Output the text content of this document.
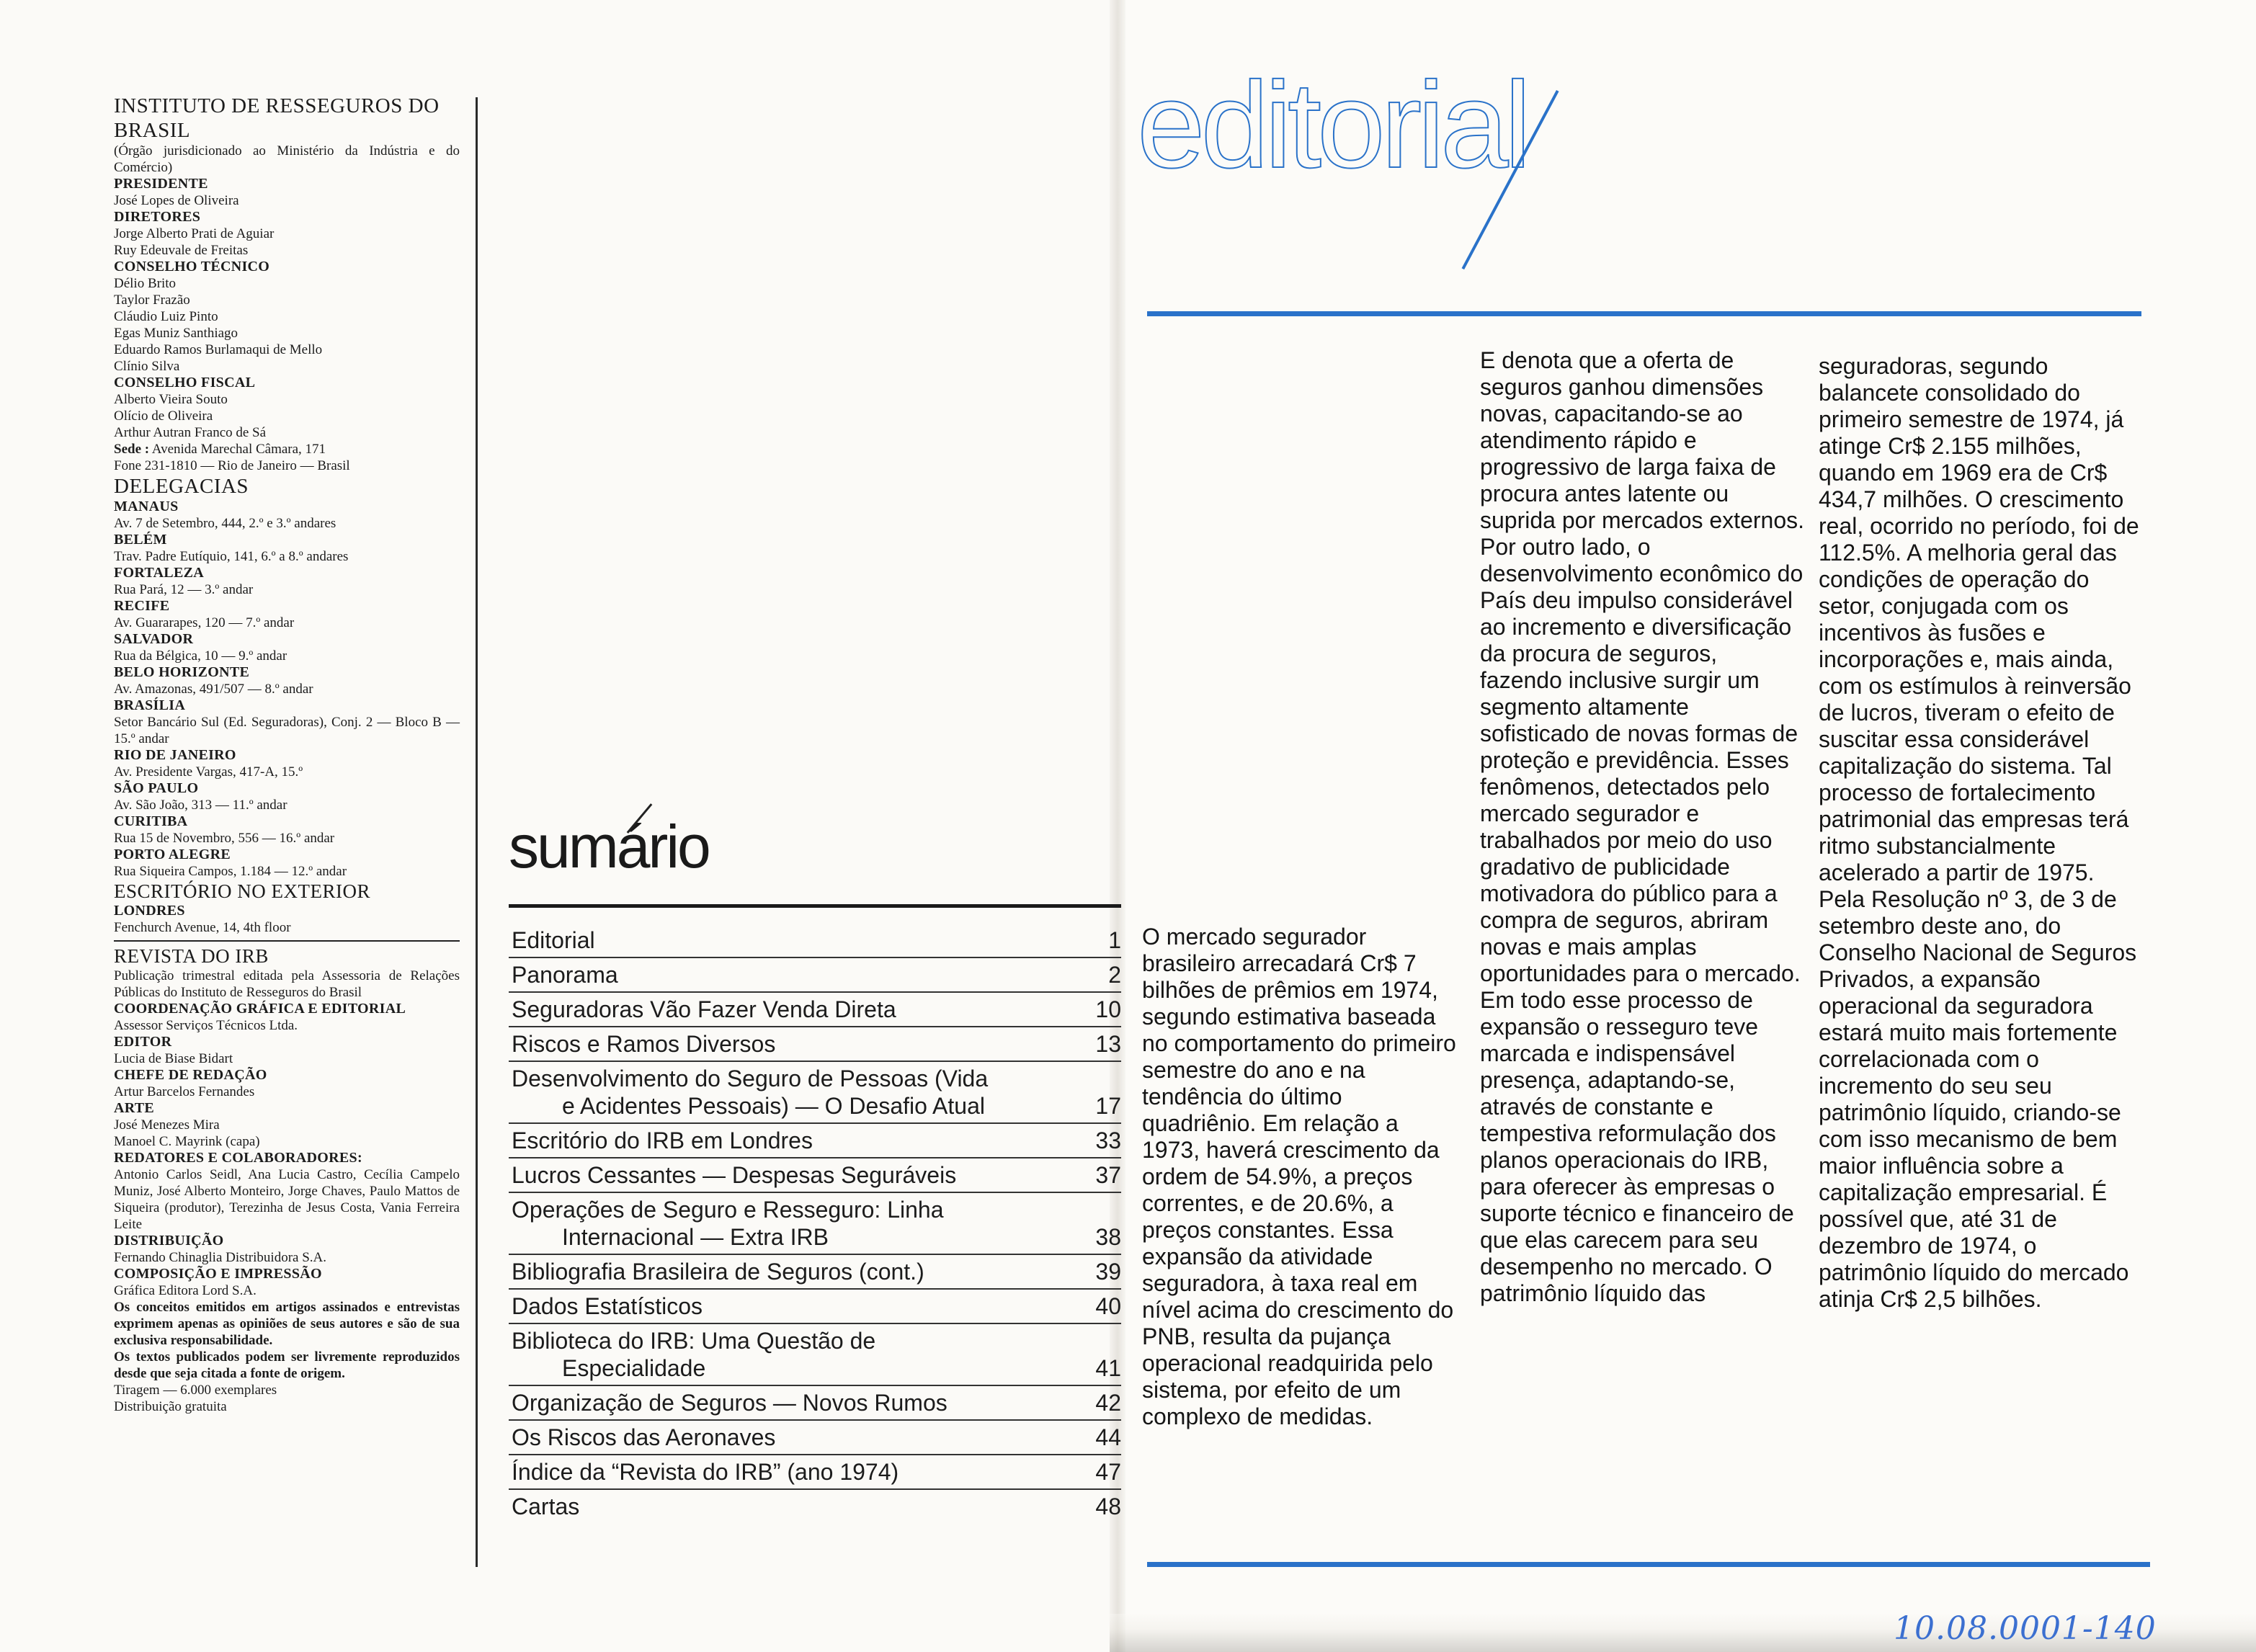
INSTITUTO DE RESSEGUROS DO BRASIL
(Órgão jurisdicionado ao Ministério da Indústria e do Comércio)
PRESIDENTE
José Lopes de Oliveira
DIRETORES
Jorge Alberto Prati de Aguiar
Ruy Edeuvale de Freitas
CONSELHO TÉCNICO
Délio Brito
Taylor Frazão
Cláudio Luiz Pinto
Egas Muniz Santhiago
Eduardo Ramos Burlamaqui de Mello
Clínio Silva
CONSELHO FISCAL
Alberto Vieira Souto
Olício de Oliveira
Arthur Autran Franco de Sá
Sede : Avenida Marechal Câmara, 171
Fone 231-1810 — Rio de Janeiro — Brasil
DELEGACIAS
MANAUS
Av. 7 de Setembro, 444, 2.º e 3.º andares
BELÉM
Trav. Padre Eutíquio, 141, 6.º a 8.º andares
FORTALEZA
Rua Pará, 12 — 3.º andar
RECIFE
Av. Guararapes, 120 — 7.º andar
SALVADOR
Rua da Bélgica, 10 — 9.º andar
BELO HORIZONTE
Av. Amazonas, 491/507 — 8.º andar
BRASÍLIA
Setor Bancário Sul (Ed. Seguradoras), Conj. 2 — Bloco B — 15.º andar
RIO DE JANEIRO
Av. Presidente Vargas, 417-A, 15.º
SÃO PAULO
Av. São João, 313 — 11.º andar
CURITIBA
Rua 15 de Novembro, 556 — 16.º andar
PORTO ALEGRE
Rua Siqueira Campos, 1.184 — 12.º andar
ESCRITÓRIO NO EXTERIOR
LONDRES
Fenchurch Avenue, 14, 4th floor
REVISTA DO IRB
Publicação trimestral editada pela Assessoria de Relações Públicas do Instituto de Resseguros do Brasil
COORDENAÇÃO GRÁFICA E EDITORIAL
Assessor Serviços Técnicos Ltda.
EDITOR
Lucia de Biase Bidart
CHEFE DE REDAÇÃO
Artur Barcelos Fernandes
ARTE
José Menezes Mira
Manoel C. Mayrink (capa)
REDATORES E COLABORADORES:
Antonio Carlos Seidl, Ana Lucia Castro, Cecília Campelo Muniz, José Alberto Monteiro, Jorge Chaves, Paulo Mattos de Siqueira (produtor), Terezinha de Jesus Costa, Vania Ferreira Leite
DISTRIBUIÇÃO
Fernando Chinaglia Distribuidora S.A.
COMPOSIÇÃO E IMPRESSÃO
Gráfica Editora Lord S.A.
Os conceitos emitidos em artigos assinados e entrevistas exprimem apenas as opiniões de seus autores e são de sua exclusiva responsabilidade.
Os textos publicados podem ser livremente reproduzidos desde que seja citada a fonte de origem.
Tiragem — 6.000 exemplares
Distribuição gratuita
sumário
Editorial	1
Panorama	2
Seguradoras Vão Fazer Venda Direta	10
Riscos e Ramos Diversos	13
Desenvolvimento do Seguro de Pessoas (Vida
e Acidentes Pessoais) — O Desafio Atual	17
Escritório do IRB em Londres	33
Lucros Cessantes — Despesas Seguráveis	37
Operações de Seguro e Resseguro: Linha
Internacional — Extra IRB	38
Bibliografia Brasileira de Seguros (cont.)	39
Dados Estatísticos	40
Biblioteca do IRB: Uma Questão de
Especialidade	41
Organização de Seguros — Novos Rumos	42
Os Riscos das Aeronaves	44
Índice da “Revista do IRB” (ano 1974)	47
Cartas	48
editorial

O mercado segurador brasileiro arrecadará Cr$ 7 bilhões de prêmios em 1974, segundo estimativa baseada no comportamento do primeiro semestre do ano e na tendência do último quadriênio. Em relação a 1973, haverá crescimento da ordem de 54.9%, a preços correntes, e de 20.6%, a preços constantes. Essa expansão da atividade seguradora, à taxa real em nível acima do crescimento do PNB, resulta da pujança operacional readquirida pelo sistema, por efeito de um complexo de medidas.

E denota que a oferta de seguros ganhou dimensões novas, capacitando-se ao atendimento rápido e progressivo de larga faixa de procura antes latente ou suprida por mercados externos. Por outro lado, o desenvolvimento econômico do País deu impulso considerável ao incremento e diversificação da procura de seguros, fazendo inclusive surgir um segmento altamente sofisticado de novas formas de proteção e previdência. Esses fenômenos, detectados pelo mercado segurador e trabalhados por meio do uso gradativo de publicidade motivadora do público para a compra de seguros, abriram novas e mais amplas oportunidades para o mercado. Em todo esse processo de expansão o resseguro teve marcada e indispensável presença, adaptando-se, através de constante e tempestiva reformulação dos planos operacionais do IRB, para oferecer às empresas o suporte técnico e financeiro de que elas carecem para seu desempenho no mercado. O patrimônio líquido das

seguradoras, segundo balancete consolidado do primeiro semestre de 1974, já atinge Cr$ 2.155 milhões, quando em 1969 era de Cr$ 434,7 milhões. O crescimento real, ocorrido no período, foi de 112.5%. A melhoria geral das condições de operação do setor, conjugada com os incentivos às fusões e incorporações e, mais ainda, com os estímulos à reinversão de lucros, tiveram o efeito de suscitar essa considerável capitalização do sistema. Tal processo de fortalecimento patrimonial das empresas terá ritmo substancialmente acelerado a partir de 1975. Pela Resolução nº 3, de 3 de setembro deste ano, do Conselho Nacional de Seguros Privados, a expansão operacional da seguradora estará muito mais fortemente correlacionada com o incremento do seu seu patrimônio líquido, criando-se com isso mecanismo de bem maior influência sobre a capitalização empresarial. É possível que, até 31 de dezembro de 1974, o patrimônio líquido do mercado atinja Cr$ 2,5 bilhões.

10.08.0001-140
